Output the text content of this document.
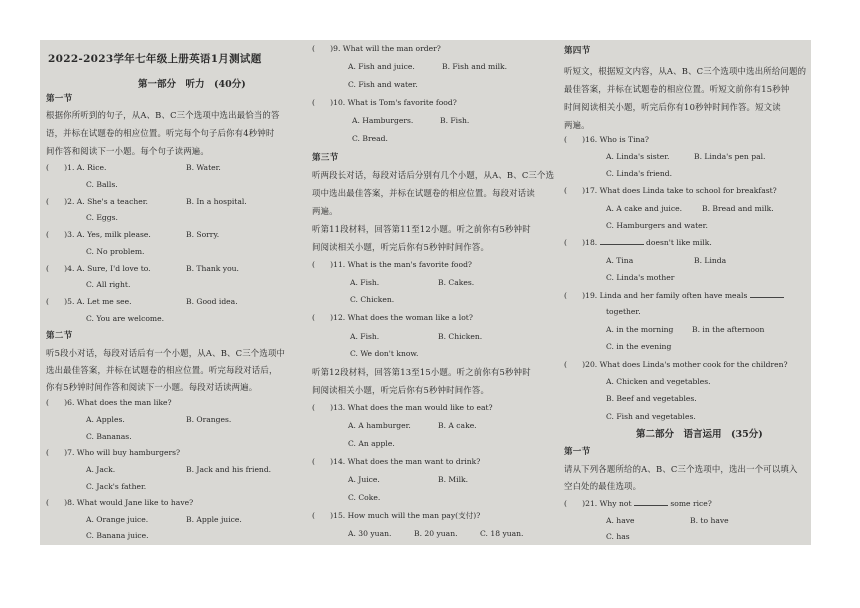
2022-2023学年七年级上册英语1月测试题
第一部分　听力　(40分)
第一节
根据你所听到的句子，从A、B、C三个选项中选出最恰当的答
语，并标在试题卷的相应位置。听完每个句子后你有4秒钟时
间作答和阅读下一小题。每个句子读两遍。
(　　)1. A. Rice.	B. Water.
C. Balls.
(　　)2. A. She's a teacher.	B. In a hospital.
C. Eggs.
(　　)3. A. Yes, milk please.	B. Sorry.
C. No problem.
(　　)4. A. Sure, I'd love to.	B. Thank you.
C. All right.
(　　)5. A. Let me see.	B. Good idea.
C. You are welcome.
第二节
听5段小对话，每段对话后有一个小题，从A、B、C三个选项中
选出最佳答案，并标在试题卷的相应位置。听完每段对话后，
你有5秒钟时间作答和阅读下一小题。每段对话读两遍。
(　　)6. What does the man like?
A. Apples.	B. Oranges.
C. Bananas.
(　　)7. Who will buy hamburgers?
A. Jack.	B. Jack and his friend.
C. Jack's father.
(　　)8. What would Jane like to have?
A. Orange juice.	B. Apple juice.
C. Banana juice.
(　　)9. What will the man order?
A. Fish and juice.	B. Fish and milk.
C. Fish and water.
(　　)10. What is Tom's favorite food?
A. Hamburgers.	B. Fish.
C. Bread.
第三节
听两段长对话，每段对话后分别有几个小题，从A、B、C三个选
项中选出最佳答案，并标在试题卷的相应位置。每段对话读
两遍。
听第11段材料，回答第11至12小题。听之前你有5秒钟时
间阅读相关小题，听完后你有5秒钟时间作答。
(　　)11. What is the man's favorite food?
A. Fish.	B. Cakes.
C. Chicken.
(　　)12. What does the woman like a lot?
A. Fish.	B. Chicken.
C. We don't know.
听第12段材料，回答第13至15小题。听之前你有5秒钟时
间阅读相关小题，听完后你有5秒钟时间作答。
(　　)13. What does the man would like to eat?
A. A hamburger.	B. A cake.
C. An apple.
(　　)14. What does the man want to drink?
A. Juice.	B. Milk.
C. Coke.
(　　)15. How much will the man pay(支付)?
A. 30 yuan.	B. 20 yuan.	C. 18 yuan.
第四节
听短文，根据短文内容，从A、B、C三个选项中选出所给问题的
最佳答案，并标在试题卷的相应位置。听短文前你有15秒钟
时间阅读相关小题，听完后你有10秒钟时间作答。短文读
两遍。
(　　)16. Who is Tina?
A. Linda's sister.	B. Linda's pen pal.
C. Linda's friend.
(　　)17. What does Linda take to school for breakfast?
A. A cake and juice.	B. Bread and milk.
C. Hamburgers and water.
(　　)18.	doesn't like milk.
A. Tina	B. Linda
C. Linda's mother
(　　)19. Linda and her family often have meals
together.
A. in the morning B. in the afternoon
C. in the evening
(　　)20. What does Linda's mother cook for the children?
A. Chicken and vegetables.
B. Beef and vegetables.
C. Fish and vegetables.
第二部分　语言运用　(35分)
第一节
请从下列各题所给的A、B、C三个选项中，选出一个可以填入
空白处的最佳选项。
(　　)21. Why not	some rice?
A. have	B. to have
C. has
